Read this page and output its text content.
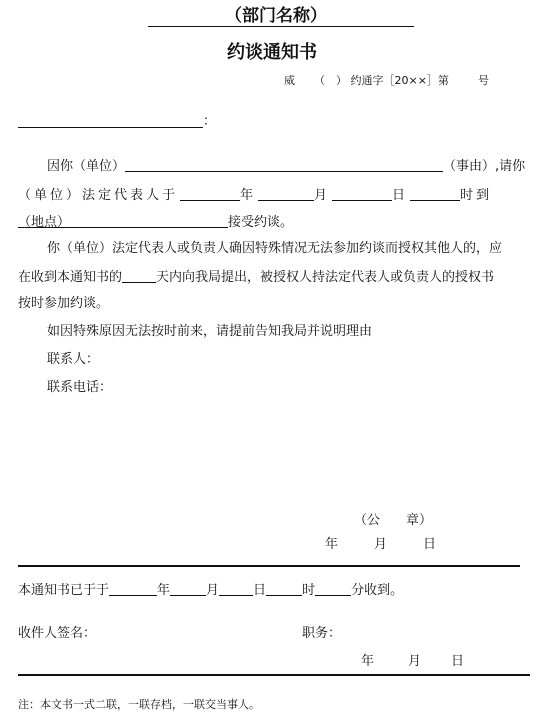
（部门名称）
约谈通知书
威 （　） 约通字［20××］第	号
：
因你（单位）	（事由）,请你
（单位）法定代表人于	年	月	日	时到
（地点）	接受约谈。
你（单位）法定代表人或负责人确因特殊情况无法参加约谈而授权其他人的，应
在收到本通知书的	天内向我局提出，被授权人持法定代表人或负责人的授权书
按时参加约谈。
如因特殊原因无法按时前来，请提前告知我局并说明理由
联系人：
联系电话：
（公　　章）
年	月	日
本通知书已于于	年	月	日	时	分收到。
收件人签名：	职务：
年	月 日
注：本文书一式二联，一联存档，一联交当事人。
